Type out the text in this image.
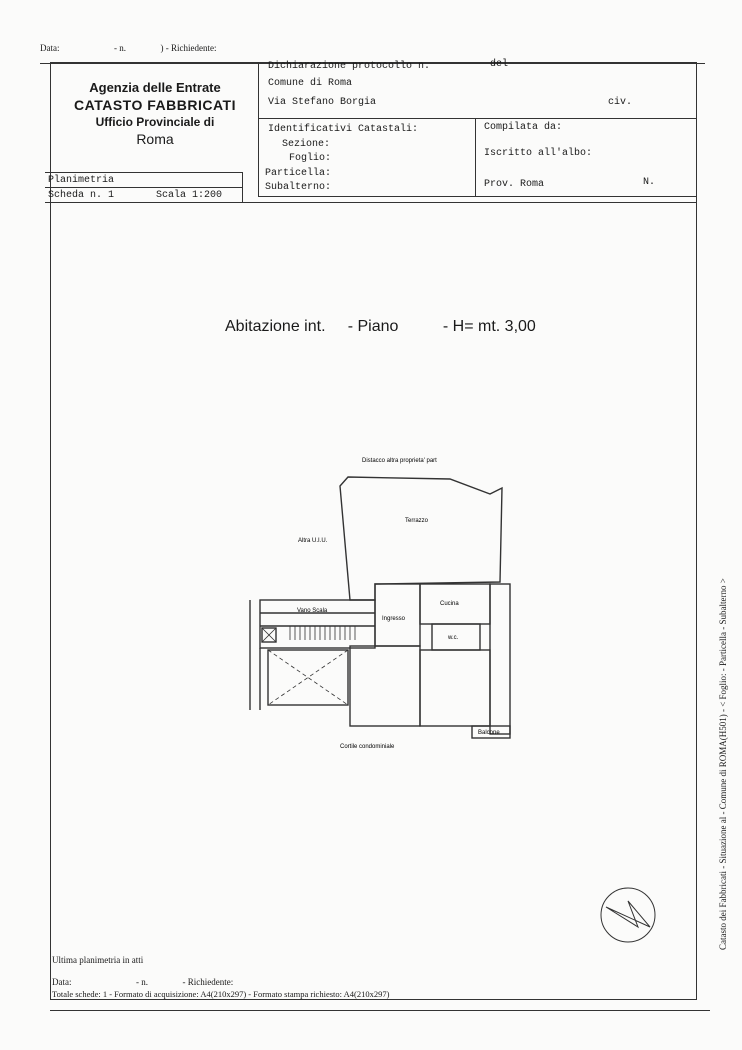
Data:	- n.	) - Richiedente:
Agenzia delle Entrate
CATASTO FABBRICATI
Ufficio Provinciale di
Roma
Dichiarazione protocollo n.	del
Comune di Roma
Via Stefano Borgia	civ.
Identificativi Catastali:
Sezione:
Foglio:
Particella:
Subalterno:
Compilata da:
Iscritto all'albo:
Prov. Roma	N.
Planimetria
Scheda n. 1	Scala 1:200
Abitazione int.     - Piano          - H= mt. 3,00
Distacco altra proprieta' part
Terrazzo
Altra U.I.U.
Vano Scala
Ingresso
Cucina
w.c.
Balcone
Cortile condominiale	Catasto dei Fabbricati - Situazione al - Comune di ROMA(H501) - < Foglio: - Particella - Subalterno >
Ultima planimetria in atti
Data:	- n.	- Richiedente:
Totale schede: 1 - Formato di acquisizione: A4(210x297) - Formato stampa richiesto: A4(210x297)
